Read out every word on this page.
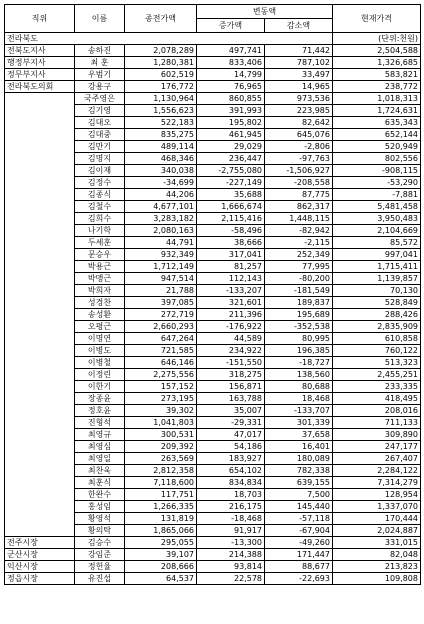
직위	이름	종전가액	변동액		현재가격
			증가액	감소액	
전라북도					(단위:천원)
전북도지사	송하진	2,078,289	497,741	71,442	2,504,588
행정부지사	최 훈	1,280,381	833,406	787,102	1,326,685
정무부지사	우범기	602,519	14,799	33,497	583,821
전라북도의회	강용구	176,772	76,965	14,965	238,772
	국주영은	1,130,964	860,855	973,536	1,018,313
	김기영	1,556,623	391,993	223,985	1,724,631
	김대오	522,183	195,802	82,642	635,343
	김대중	835,275	461,945	645,076	652,144
	김만기	489,114	29,029	-2,806	520,949
	김명지	468,346	236,447	-97,763	802,556
	김이재	340,038	-2,755,080	-1,506,927	-908,115
	김정수	-34,699	-227,149	-208,558	-53,290
	김종식	44,206	35,688	87,775	-7,881
	김철수	4,677,101	1,666,674	862,317	5,481,458
	김희수	3,283,182	2,115,416	1,448,115	3,950,483
	나기학	2,080,163	-58,496	-82,942	2,104,669
	두세훈	44,791	38,666	-2,115	85,572
	문승우	932,349	317,041	252,349	997,041
	박용근	1,712,149	81,257	77,995	1,715,411
	박맹근	947,514	112,143	-80,200	1,139,857
	박희자	21,788	-133,207	-181,549	70,130
	성경찬	397,085	321,601	189,837	528,849
	송성환	272,719	211,396	195,689	288,426
	오평근	2,660,293	-176,922	-352,538	2,835,909
	이명연	647,264	44,589	80,995	610,858
	이병도	721,585	234,922	196,385	760,122
	이병철	646,146	-151,550	-18,727	513,323
	이정린	2,275,556	318,275	138,560	2,455,251
	이한기	157,152	156,871	80,688	233,335
	장종윤	273,195	163,788	18,468	418,495
	정호윤	39,302	35,007	-133,707	208,016
	진형석	1,041,803	-29,331	301,339	711,133
	최영규	300,531	47,017	37,658	309,890
	최영심	209,392	54,186	16,401	247,177
	최영일	263,569	183,927	180,089	267,407
	최찬욱	2,812,358	654,102	782,338	2,284,122
	최훈식	7,118,600	834,834	639,155	7,314,279
	한완수	117,751	18,703	7,500	128,954
	홍성임	1,266,335	216,175	145,440	1,337,070
	황영석	131,819	-18,468	-57,118	170,444
	황의탁	1,865,066	91,917	-67,904	2,024,887
전주시장	김승수	295,055	-13,300	-49,260	331,015
군산시장	강임준	39,107	214,388	171,447	82,048
익산시장	정헌율	208,666	93,814	88,677	213,823
정읍시장	유진섭	64,537	22,578	-22,693	109,808
